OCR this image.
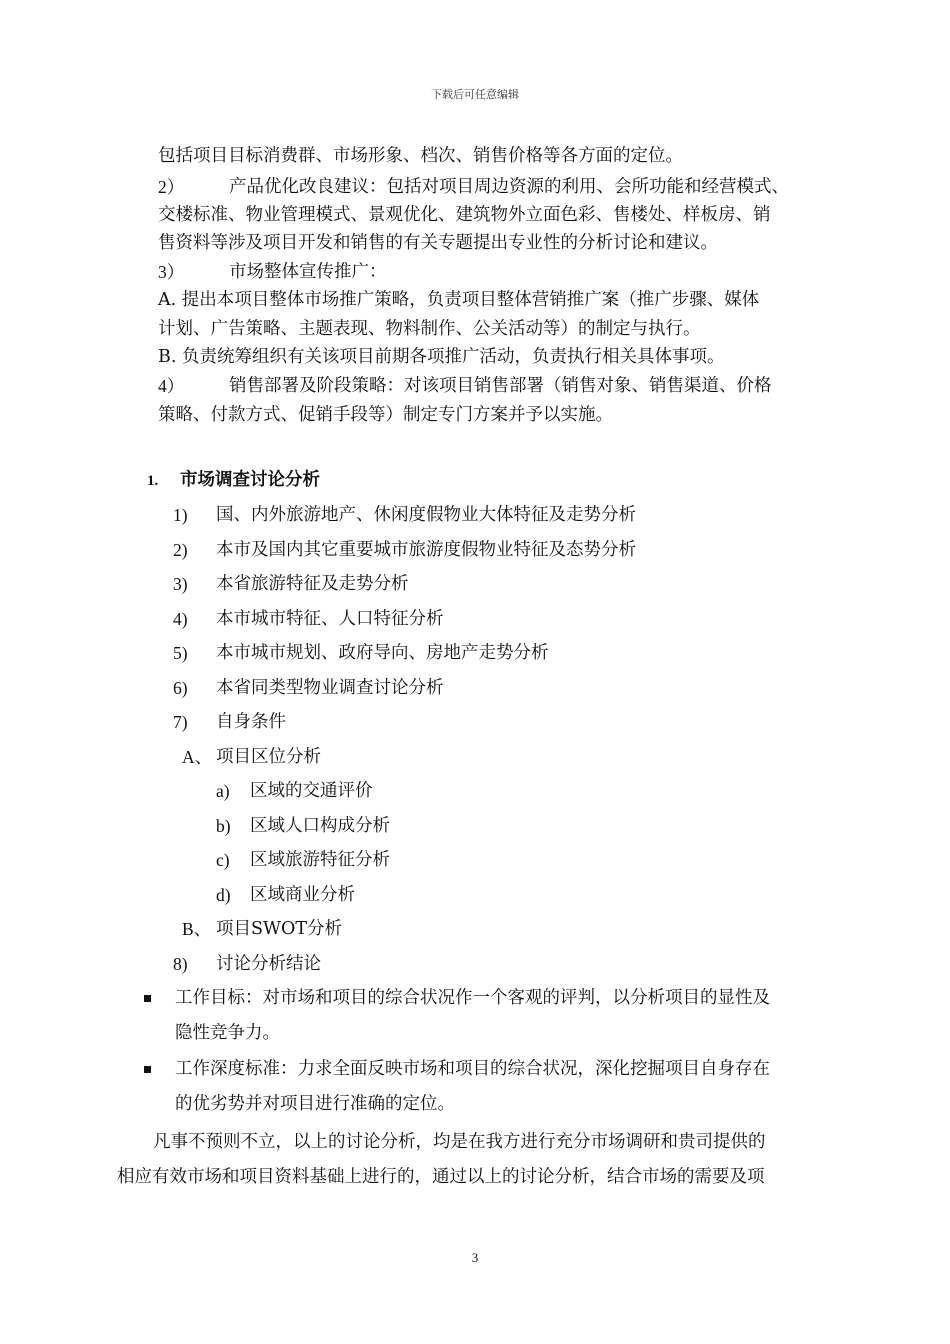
下载后可任意编辑
包括项目目标消费群、市场形象、档次、销售价格等各方面的定位。
2）	产品优化改良建议：包括对项目周边资源的利用、会所功能和经营模式、
交楼标准、物业管理模式、景观优化、建筑物外立面色彩、售楼处、样板房、销
售资料等涉及项目开发和销售的有关专题提出专业性的分析讨论和建议。
3）	市场整体宣传推广：
A. 提出本项目整体市场推广策略，负责项目整体营销推广案（推广步骤、媒体
计划、广告策略、主题表现、物料制作、公关活动等）的制定与执行。
B. 负责统筹组织有关该项目前期各项推广活动，负责执行相关具体事项。
4）	销售部署及阶段策略：对该项目销售部署（销售对象、销售渠道、价格
策略、付款方式、促销手段等）制定专门方案并予以实施。
1. 市场调查讨论分析
1) 国、内外旅游地产、休闲度假物业大体特征及走势分析
2) 本市及国内其它重要城市旅游度假物业特征及态势分析
3) 本省旅游特征及走势分析
4) 本市城市特征、人口特征分析
5) 本市城市规划、政府导向、房地产走势分析
6) 本省同类型物业调查讨论分析
7) 自身条件
A、 项目区位分析
a) 区域的交通评价
b) 区域人口构成分析
c) 区域旅游特征分析
d) 区域商业分析
B、 项目SWOT分析
8) 讨论分析结论
工作目标：对市场和项目的综合状况作一个客观的评判，以分析项目的显性及
隐性竞争力。
工作深度标准：力求全面反映市场和项目的综合状况，深化挖掘项目自身存在
的优劣势并对项目进行准确的定位。
凡事不预则不立，以上的讨论分析，均是在我方进行充分市场调研和贵司提供的
相应有效市场和项目资料基础上进行的，通过以上的讨论分析，结合市场的需要及项
3
